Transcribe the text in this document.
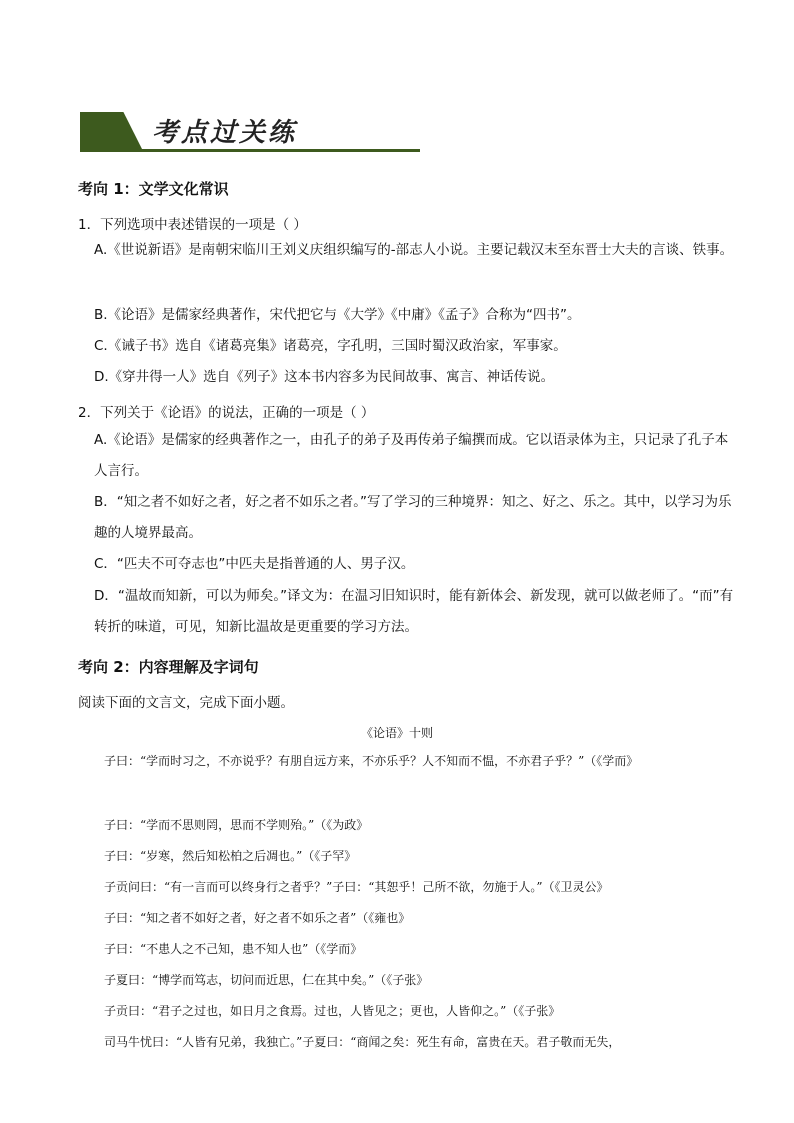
考点过关练
考向 1：文学文化常识
1．下列选项中表述错误的一项是（ ）
A.《世说新语》是南朝宋临川王刘义庆组织编写的-部志人小说。主要记载汉末至东晋士大夫的言谈、铁事。
B.《论语》是儒家经典著作，宋代把它与《大学》《中庸》《孟子》合称为“四书”。
C.《诫子书》选自《诸葛亮集》诸葛亮，字孔明，三国时蜀汉政治家，军事家。
D.《穿井得一人》选自《列子》这本书内容多为民间故事、寓言、神话传说。
2．下列关于《论语》的说法，正确的一项是（ ）
A.《论语》是儒家的经典著作之一，由孔子的弟子及再传弟子编撰而成。它以语录体为主，只记录了孔子本人言行。
B．“知之者不如好之者，好之者不如乐之者。”写了学习的三种境界：知之、好之、乐之。其中，以学习为乐趣的人境界最高。
C．“匹夫不可夺志也”中匹夫是指普通的人、男子汉。
D．“温故而知新，可以为师矣。”译文为：在温习旧知识时，能有新体会、新发现，就可以做老师了。“而”有转折的味道，可见，知新比温故是更重要的学习方法。
考向 2：内容理解及字词句
阅读下面的文言文，完成下面小题。
《论语》十则
子曰：“学而时习之，不亦说乎？有朋自远方来，不亦乐乎？人不知而不愠，不亦君子乎？”（《学而》
子曰：“学而不思则罔，思而不学则殆。”（《为政》
子曰：“岁寒，然后知松柏之后凋也。”（《子罕》
子贡问曰：“有一言而可以终身行之者乎？”子曰：“其恕乎！己所不欲，勿施于人。”（《卫灵公》
子曰：“知之者不如好之者，好之者不如乐之者”（《雍也》
子曰：“不患人之不己知，患不知人也”（《学而》
子夏曰：“博学而笃志，切问而近思，仁在其中矣。”（《子张》
子贡曰：“君子之过也，如日月之食焉。过也，人皆见之；更也，人皆仰之。”（《子张》
司马牛忧曰：“人皆有兄弟，我独亡。”子夏曰：“商闻之矣：死生有命，富贵在天。君子敬而无失，
